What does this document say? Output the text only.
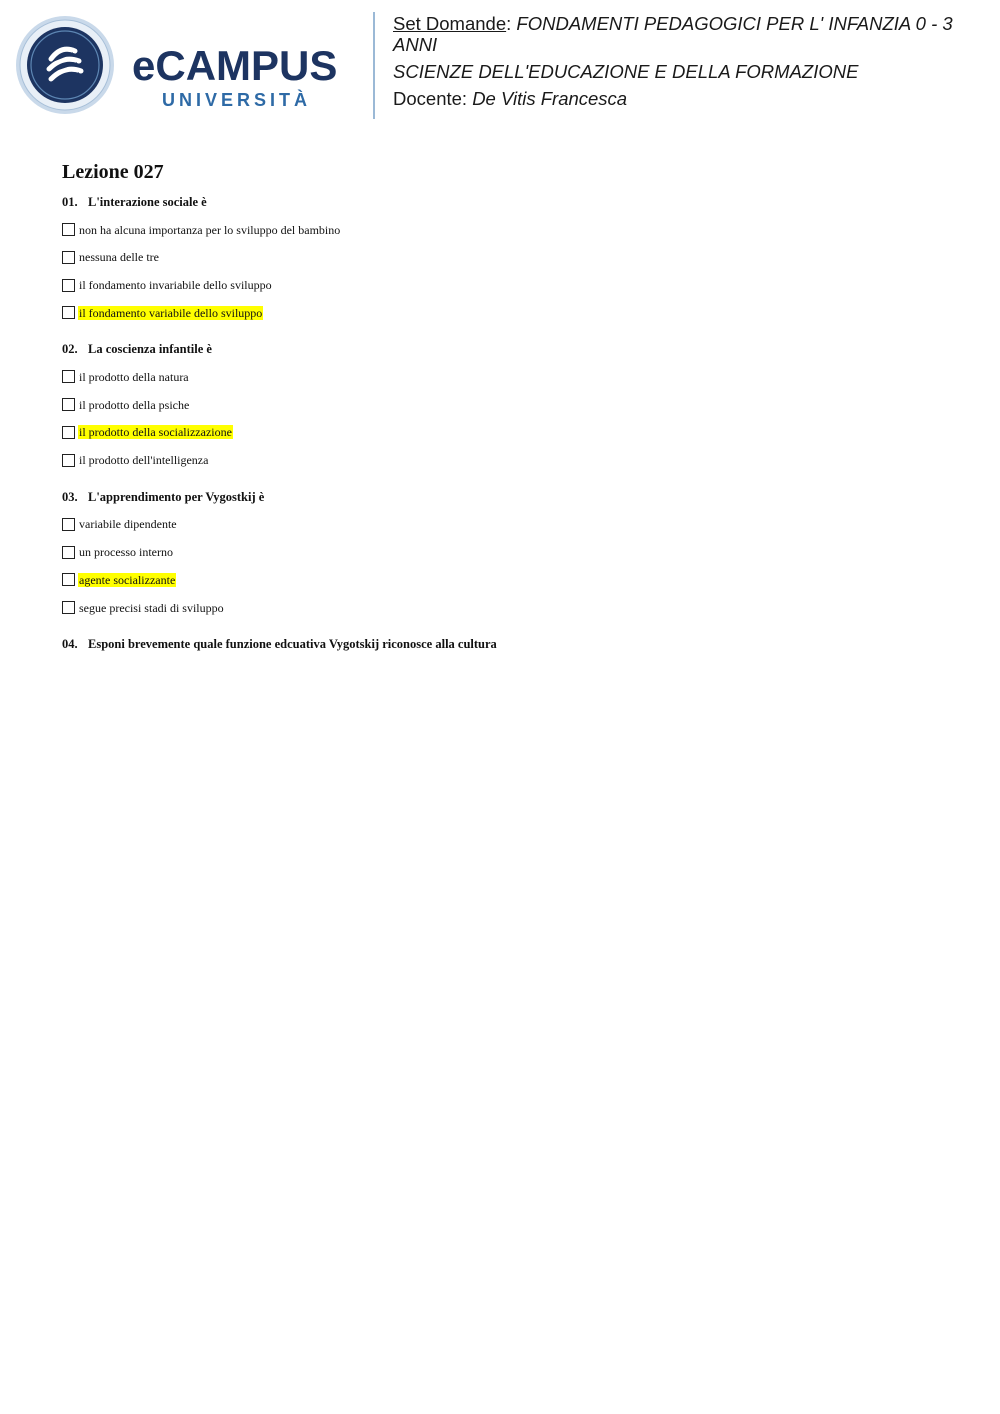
eCAMPUS
UNIVERSITÀ
Set Domande: FONDAMENTI PEDAGOGICI PER L' INFANZIA 0 - 3 ANNI
SCIENZE DELL'EDUCAZIONE E DELLA FORMAZIONE
Docente: De Vitis Francesca
Lezione 027
01. L'interazione sociale è
non ha alcuna importanza per lo sviluppo del bambino
nessuna delle tre
il fondamento invariabile dello sviluppo
il fondamento variabile dello sviluppo
02. La coscienza infantile è
il prodotto della natura
il prodotto della psiche
il prodotto della socializzazione
il prodotto dell'intelligenza
03. L'apprendimento per Vygostkij è
variabile dipendente
un processo interno
agente socializzante
segue precisi stadi di sviluppo
04. Esponi brevemente quale funzione edcuativa Vygotskij riconosce alla cultura
